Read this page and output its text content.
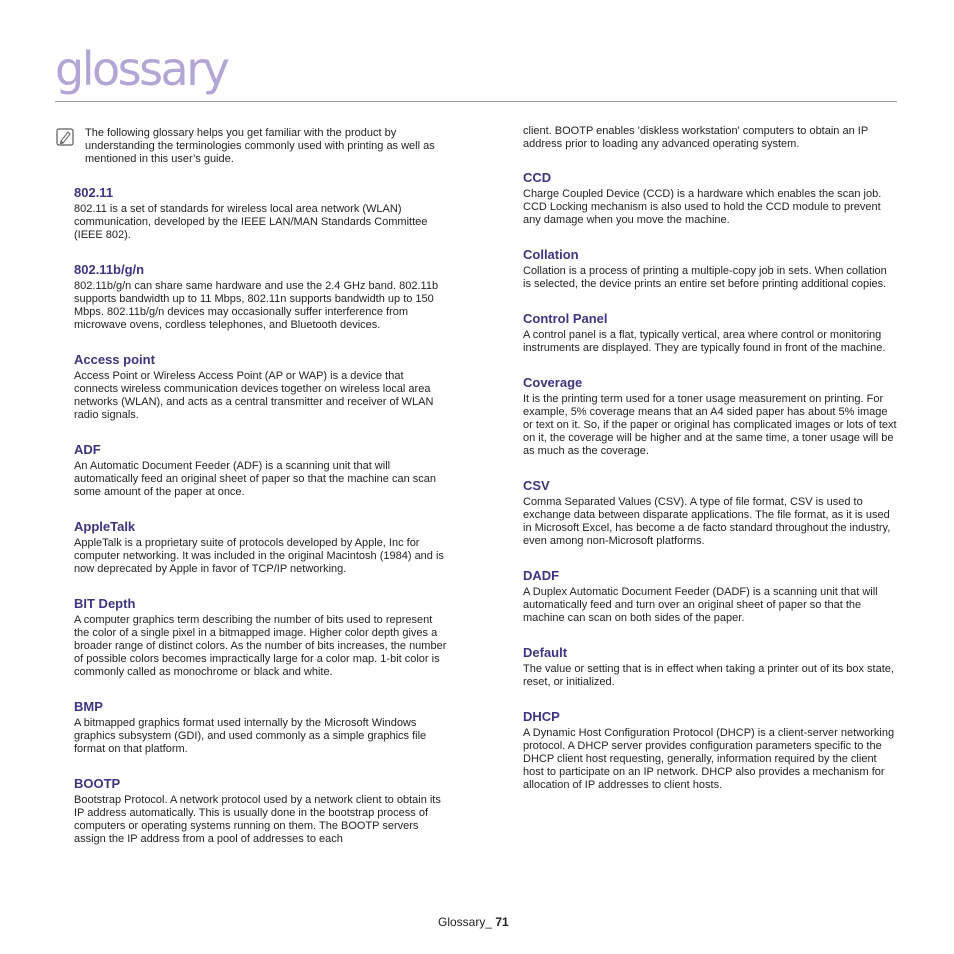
glossary

The following glossary helps you get familiar with the product by understanding the terminologies commonly used with printing as well as mentioned in this user’s guide.

802.11

802.11 is a set of standards for wireless local area network (WLAN) communication, developed by the IEEE LAN/MAN Standards Committee (IEEE 802).

802.11b/g/n

802.11b/g/n can share same hardware and use the 2.4 GHz band. 802.11b supports bandwidth up to 11 Mbps, 802.11n supports bandwidth up to 150 Mbps. 802.11b/g/n devices may occasionally suffer interference from microwave ovens, cordless telephones, and Bluetooth devices.

Access point

Access Point or Wireless Access Point (AP or WAP) is a device that connects wireless communication devices together on wireless local area networks (WLAN), and acts as a central transmitter and receiver of WLAN radio signals.

ADF

An Automatic Document Feeder (ADF) is a scanning unit that will automatically feed an original sheet of paper so that the machine can scan some amount of the paper at once.

AppleTalk

AppleTalk is a proprietary suite of protocols developed by Apple, Inc for computer networking. It was included in the original Macintosh (1984) and is now deprecated by Apple in favor of TCP/IP networking.

BIT Depth

A computer graphics term describing the number of bits used to represent the color of a single pixel in a bitmapped image. Higher color depth gives a broader range of distinct colors. As the number of bits increases, the number of possible colors becomes impractically large for a color map. 1-bit color is commonly called as monochrome or black and white.

BMP

A bitmapped graphics format used internally by the Microsoft Windows graphics subsystem (GDI), and used commonly as a simple graphics file format on that platform.

BOOTP

Bootstrap Protocol. A network protocol used by a network client to obtain its IP address automatically. This is usually done in the bootstrap process of computers or operating systems running on them. The BOOTP servers assign the IP address from a pool of addresses to each

client. BOOTP enables 'diskless workstation' computers to obtain an IP address prior to loading any advanced operating system.

CCD

Charge Coupled Device (CCD) is a hardware which enables the scan job. CCD Locking mechanism is also used to hold the CCD module to prevent any damage when you move the machine.

Collation

Collation is a process of printing a multiple-copy job in sets. When collation is selected, the device prints an entire set before printing additional copies.

Control Panel

A control panel is a flat, typically vertical, area where control or monitoring instruments are displayed. They are typically found in front of the machine.

Coverage

It is the printing term used for a toner usage measurement on printing. For example, 5% coverage means that an A4 sided paper has about 5% image or text on it. So, if the paper or original has complicated images or lots of text on it, the coverage will be higher and at the same time, a toner usage will be as much as the coverage.

CSV

Comma Separated Values (CSV). A type of file format, CSV is used to exchange data between disparate applications. The file format, as it is used in Microsoft Excel, has become a de facto standard throughout the industry, even among non-Microsoft platforms.

DADF

A Duplex Automatic Document Feeder (DADF) is a scanning unit that will automatically feed and turn over an original sheet of paper so that the machine can scan on both sides of the paper.

Default

The value or setting that is in effect when taking a printer out of its box state, reset, or initialized.

DHCP

A Dynamic Host Configuration Protocol (DHCP) is a client-server networking protocol. A DHCP server provides configuration parameters specific to the DHCP client host requesting, generally, information required by the client host to participate on an IP network. DHCP also provides a mechanism for allocation of IP addresses to client hosts.

Glossary_ 71
